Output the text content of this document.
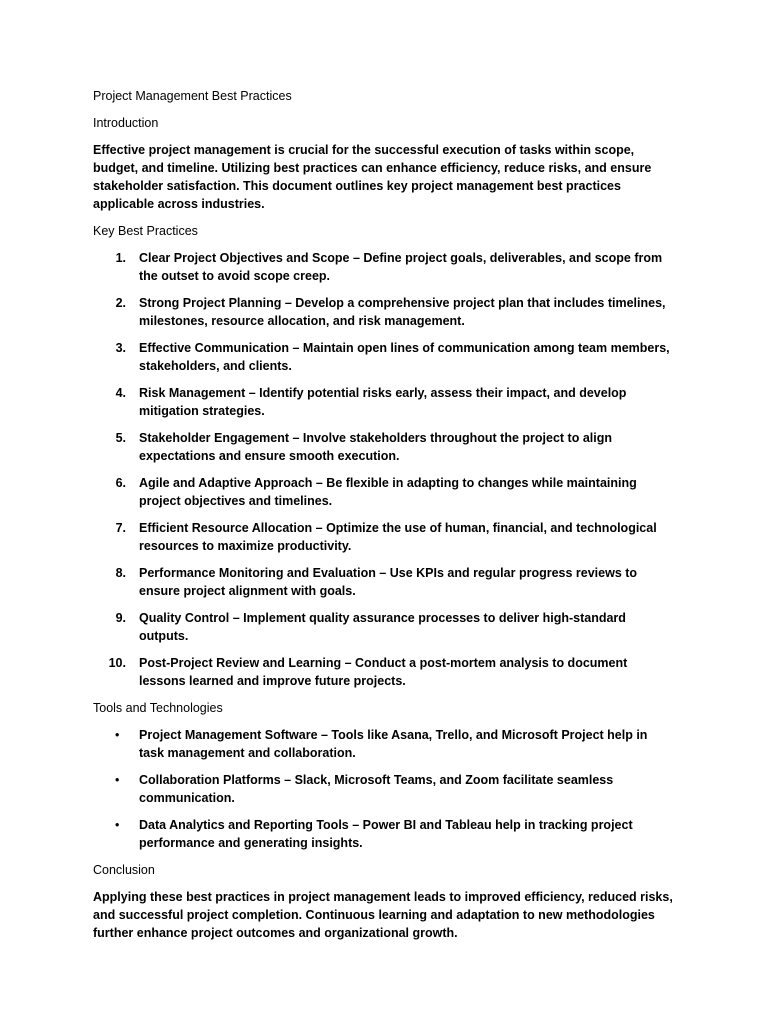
Project Management Best Practices

Introduction

Effective project management is crucial for the successful execution of tasks within scope, budget, and timeline. Utilizing best practices can enhance efficiency, reduce risks, and ensure stakeholder satisfaction. This document outlines key project management best practices applicable across industries.

Key Best Practices

1. Clear Project Objectives and Scope – Define project goals, deliverables, and scope from the outset to avoid scope creep.
2. Strong Project Planning – Develop a comprehensive project plan that includes timelines, milestones, resource allocation, and risk management.
3. Effective Communication – Maintain open lines of communication among team members, stakeholders, and clients.
4. Risk Management – Identify potential risks early, assess their impact, and develop mitigation strategies.
5. Stakeholder Engagement – Involve stakeholders throughout the project to align expectations and ensure smooth execution.
6. Agile and Adaptive Approach – Be flexible in adapting to changes while maintaining project objectives and timelines.
7. Efficient Resource Allocation – Optimize the use of human, financial, and technological resources to maximize productivity.
8. Performance Monitoring and Evaluation – Use KPIs and regular progress reviews to ensure project alignment with goals.
9. Quality Control – Implement quality assurance processes to deliver high-standard outputs.
10. Post-Project Review and Learning – Conduct a post-mortem analysis to document lessons learned and improve future projects.

Tools and Technologies

• Project Management Software – Tools like Asana, Trello, and Microsoft Project help in task management and collaboration.
• Collaboration Platforms – Slack, Microsoft Teams, and Zoom facilitate seamless communication.
• Data Analytics and Reporting Tools – Power BI and Tableau help in tracking project performance and generating insights.

Conclusion

Applying these best practices in project management leads to improved efficiency, reduced risks, and successful project completion. Continuous learning and adaptation to new methodologies further enhance project outcomes and organizational growth.
